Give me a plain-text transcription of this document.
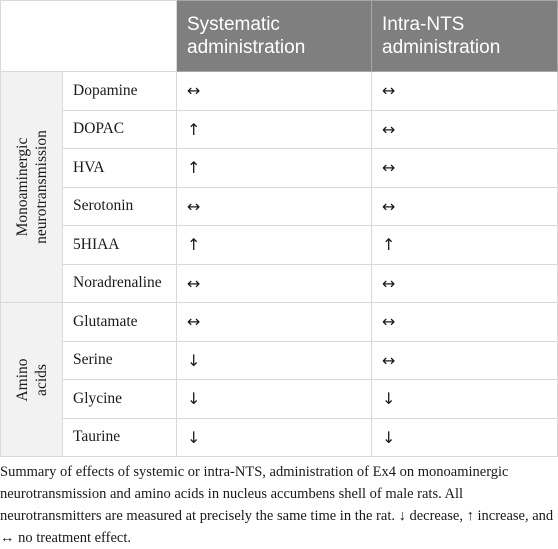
		Systematic administration	Intra-NTS administration

Monoaminergic neurotransmission	Dopamine	↔	↔
	DOPAC	↑	↔
	HVA	↑	↔
	Serotonin	↔	↔
	5HIAA	↑	↑
	Noradrenaline	↔	↔

Amino acids	Glutamate	↔	↔
	Serine	↓	↔
	Glycine	↓	↓
	Taurine	↓	↓

Summary of effects of systemic or intra-NTS, administration of Ex4 on monoaminergic neurotransmission and amino acids in nucleus accumbens shell of male rats. All neurotransmitters are measured at precisely the same time in the rat. ↓ decrease, ↑ increase, and ↔ no treatment effect.
